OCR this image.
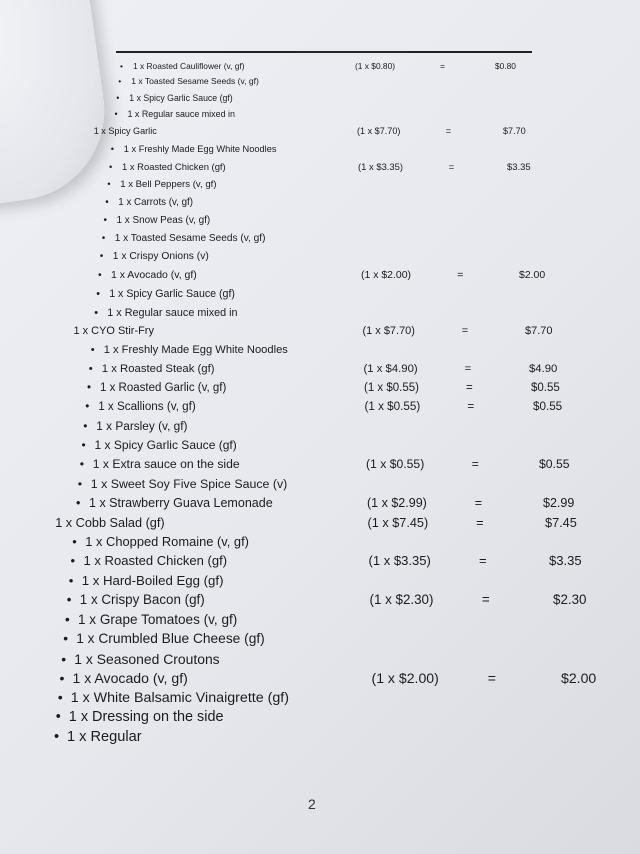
• 1 x Roasted Cauliflower (v, gf)	(1 x $0.80)	=	$0.80
• 1 x Toasted Sesame Seeds (v, gf)
• 1 x Spicy Garlic Sauce (gf)
• 1 x Regular sauce mixed in
1 x Spicy Garlic	(1 x $7.70)	=	$7.70
• 1 x Freshly Made Egg White Noodles
• 1 x Roasted Chicken (gf)	(1 x $3.35)	=	$3.35
• 1 x Bell Peppers (v, gf)
• 1 x Carrots (v, gf)
• 1 x Snow Peas (v, gf)
• 1 x Toasted Sesame Seeds (v, gf)
• 1 x Crispy Onions (v)
• 1 x Avocado (v, gf)	(1 x $2.00)	=	$2.00
• 1 x Spicy Garlic Sauce (gf)
• 1 x Regular sauce mixed in
1 x CYO Stir-Fry	(1 x $7.70)	=	$7.70
• 1 x Freshly Made Egg White Noodles
• 1 x Roasted Steak (gf)	(1 x $4.90)	=	$4.90
• 1 x Roasted Garlic (v, gf)	(1 x $0.55)	=	$0.55
• 1 x Scallions (v, gf)	(1 x $0.55)	=	$0.55
• 1 x Parsley (v, gf)
• 1 x Spicy Garlic Sauce (gf)
• 1 x Extra sauce on the side	(1 x $0.55)	=	$0.55
• 1 x Sweet Soy Five Spice Sauce (v)
• 1 x Strawberry Guava Lemonade	(1 x $2.99)	=	$2.99
1 x Cobb Salad (gf)	(1 x $7.45)	=	$7.45
• 1 x Chopped Romaine (v, gf)
• 1 x Roasted Chicken (gf)	(1 x $3.35)	=	$3.35
• 1 x Hard-Boiled Egg (gf)
• 1 x Crispy Bacon (gf)	(1 x $2.30)	=	$2.30
• 1 x Grape Tomatoes (v, gf)
• 1 x Crumbled Blue Cheese (gf)
• 1 x Seasoned Croutons
• 1 x Avocado (v, gf)	(1 x $2.00)	=	$2.00
• 1 x White Balsamic Vinaigrette (gf)
• 1 x Dressing on the side
• 1 x Regular
2
